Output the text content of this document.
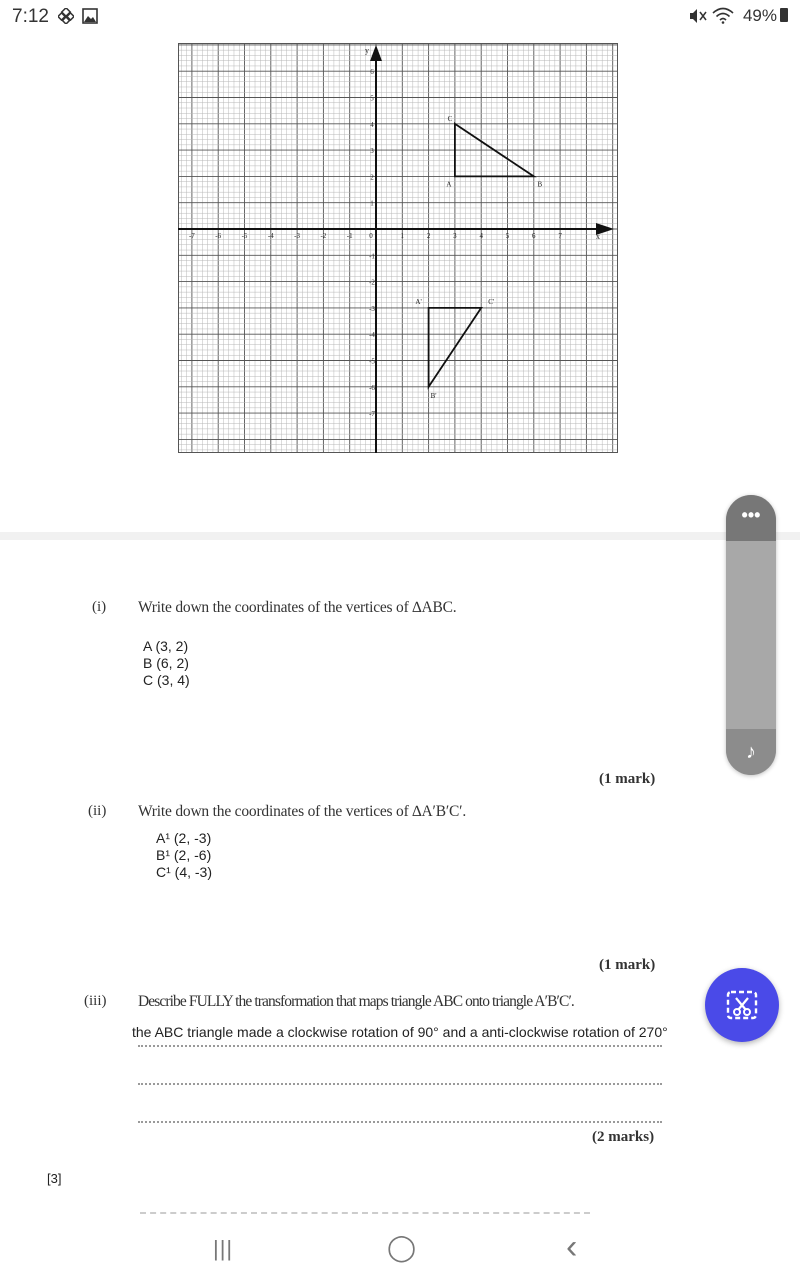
7:12	49%
-7	-6	-5	-4	-3	-2	-1 0	1	2	3	4	5	6	7
1
2
3
4
5
6
-1
-2
-3
-4
-5
-6
-7
x
y
A	B
C
A'
B'
C'
(i) Write down the coordinates of the vertices of ∆ABC.
A (3, 2)
B (6, 2)
C (3, 4)
(1 mark)
(ii) Write down the coordinates of the vertices of ∆A′B′C′.
A¹ (2, -3)
B¹ (2, -6)
C¹ (4, -3)
(1 mark)
(iii) Describe FULLY the transformation that maps triangle ABC onto triangle A′B′C′.
the ABC triangle made a clockwise rotation of 90° and a anti-clockwise rotation of 270°
(2 marks)
[3]
•••
♪
|||	◯	‹
